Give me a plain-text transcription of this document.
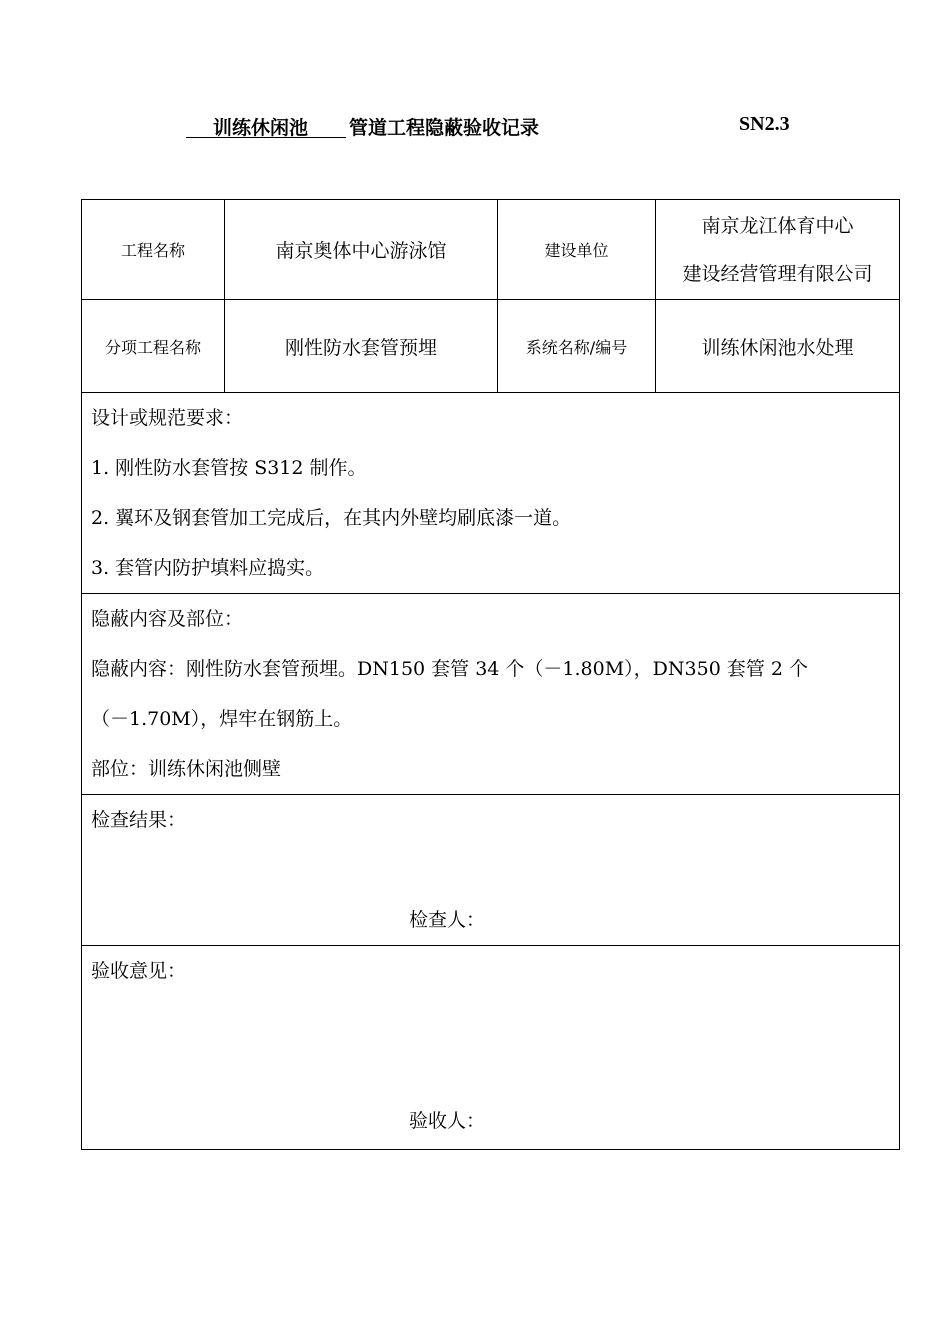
训练休闲池 管道工程隐蔽验收记录	SN2.3
工程名称	南京奥体中心游泳馆	建设单位	南京龙江体育中心
建设经营管理有限公司

分项工程名称	刚性防水套管预埋	系统名称/编号	训练休闲池水处理

设计或规范要求：
1. 刚性防水套管按 S312 制作。
2. 翼环及钢套管加工完成后，在其内外壁均刷底漆一道。
3. 套管内防护填料应捣实。			

隐蔽内容及部位：
隐蔽内容：刚性防水套管预埋。DN150 套管 34 个（－1.80M），DN350 套管 2 个
（－1.70M），焊牢在钢筋上。
部位：训练休闲池侧壁			

检查结果：
检查人：			

验收意见：
验收人：			
